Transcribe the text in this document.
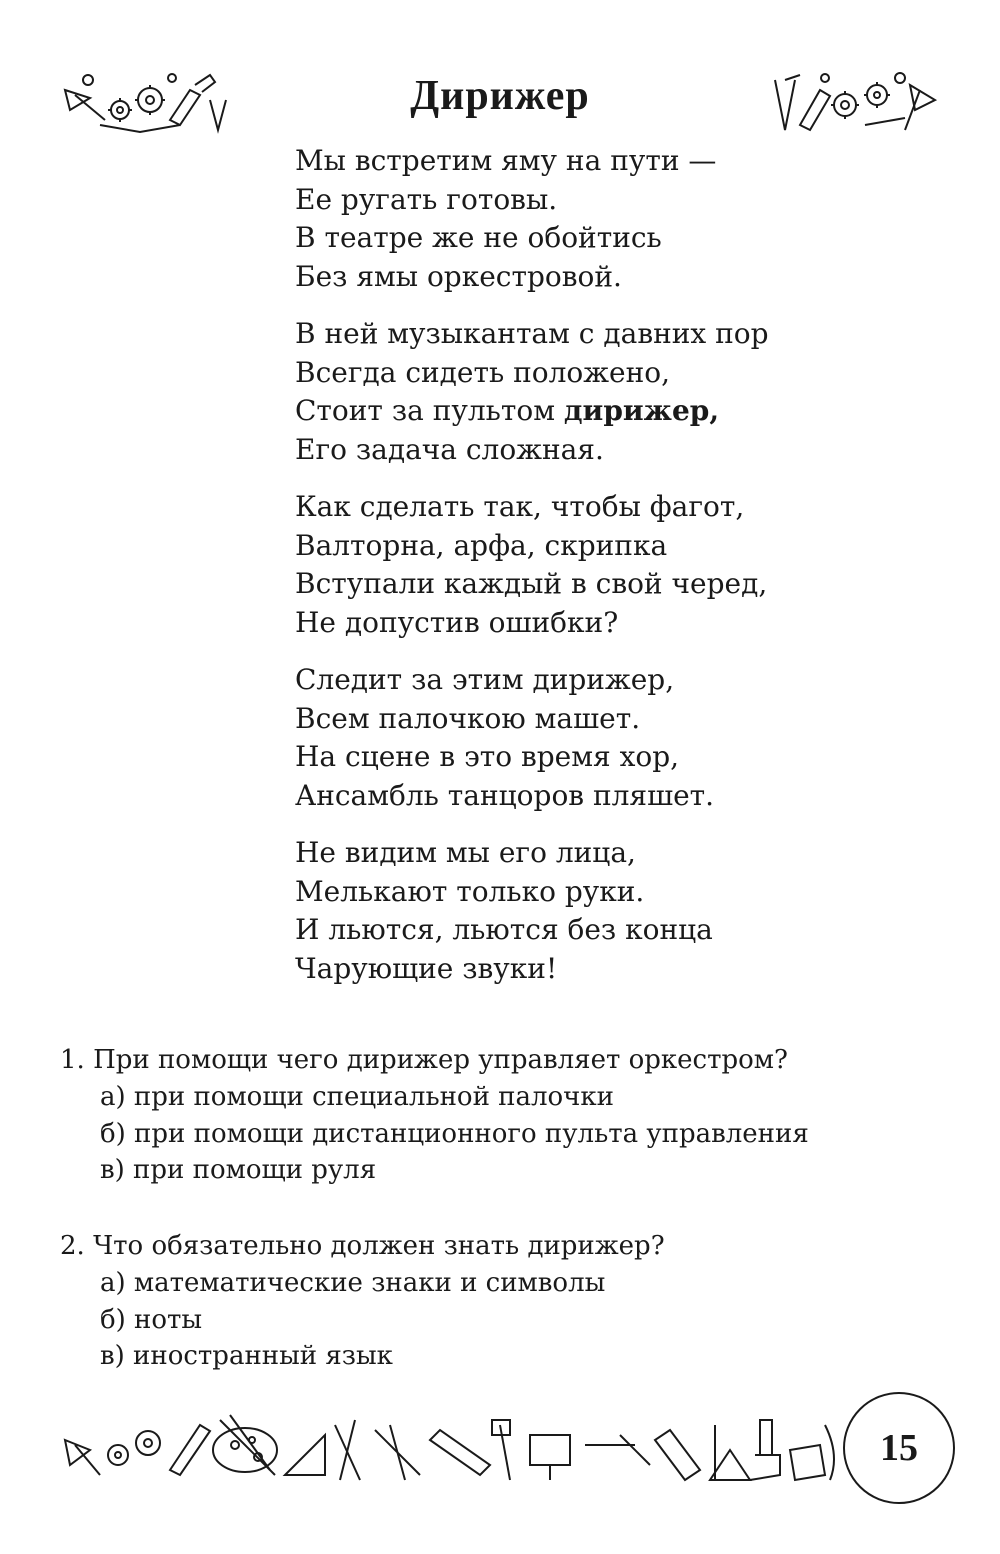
Дирижер
Мы встретим яму на пути —
Ее ругать готовы.
В театре же не обойтись
Без ямы оркестровой.
В ней музыкантам с давних пор
Всегда сидеть положено,
Стоит за пультом дирижер,
Его задача сложная.
Как сделать так, чтобы фагот,
Валторна, арфа, скрипка
Вступали каждый в свой черед,
Не допустив ошибки?
Следит за этим дирижер,
Всем палочкою машет.
На сцене в это время хор,
Ансамбль танцоров пляшет.
Не видим мы его лица,
Мелькают только руки.
И льются, льются без конца
Чарующие звуки!
1. При помощи чего дирижер управляет оркестром?
а) при помощи специальной палочки
б) при помощи дистанционного пульта управления
в) при помощи руля
2. Что обязательно должен знать дирижер?
а) математические знаки и символы
б) ноты
в) иностранный язык
15
